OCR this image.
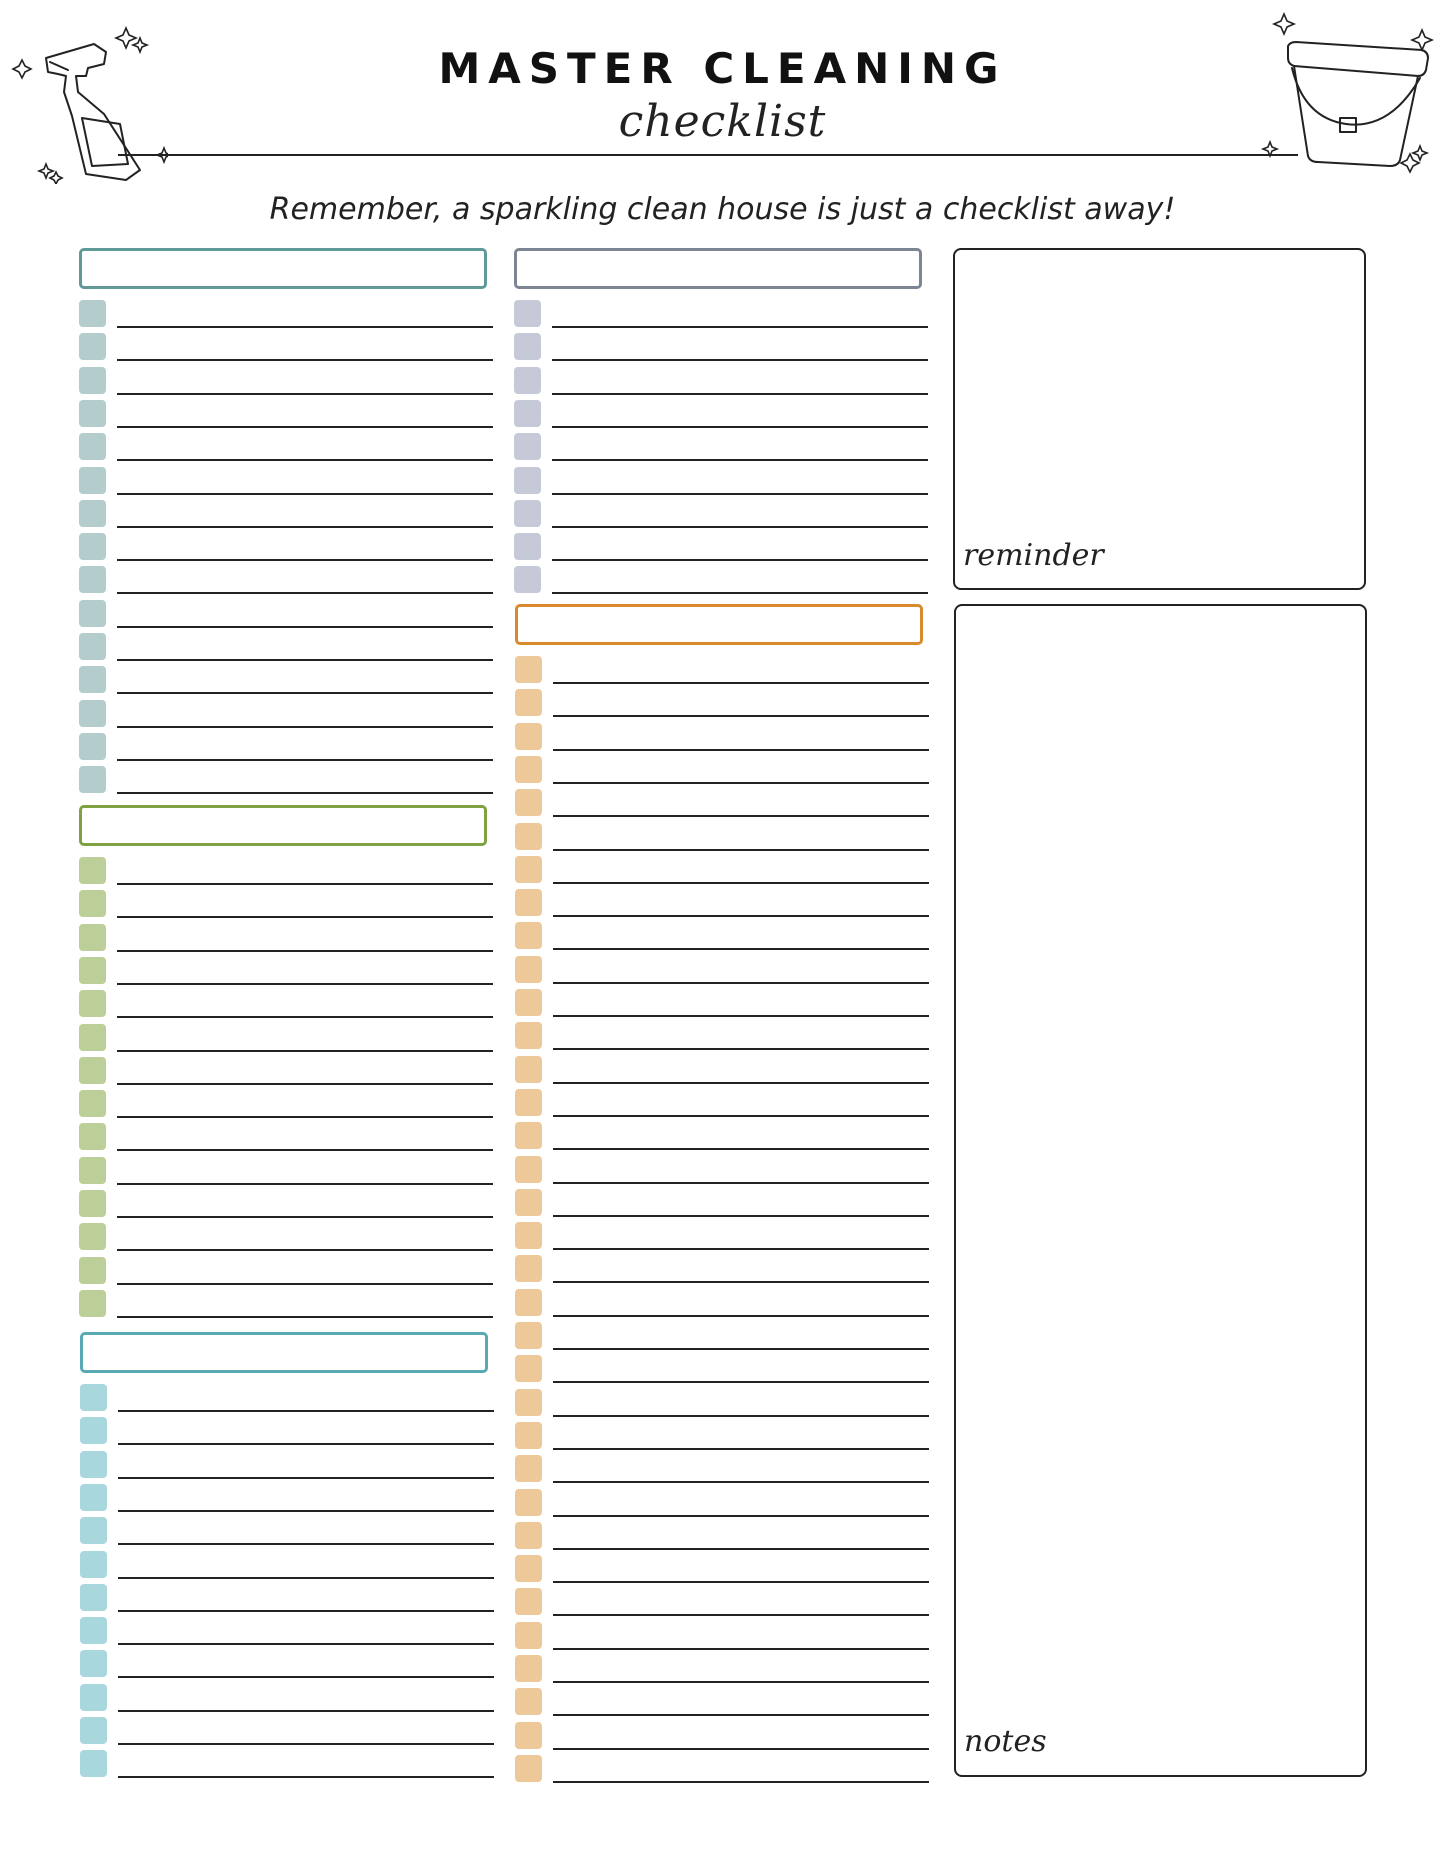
MASTER CLEANING
checklist
Remember, a sparkling clean house is just a checklist away!
reminder
notes
